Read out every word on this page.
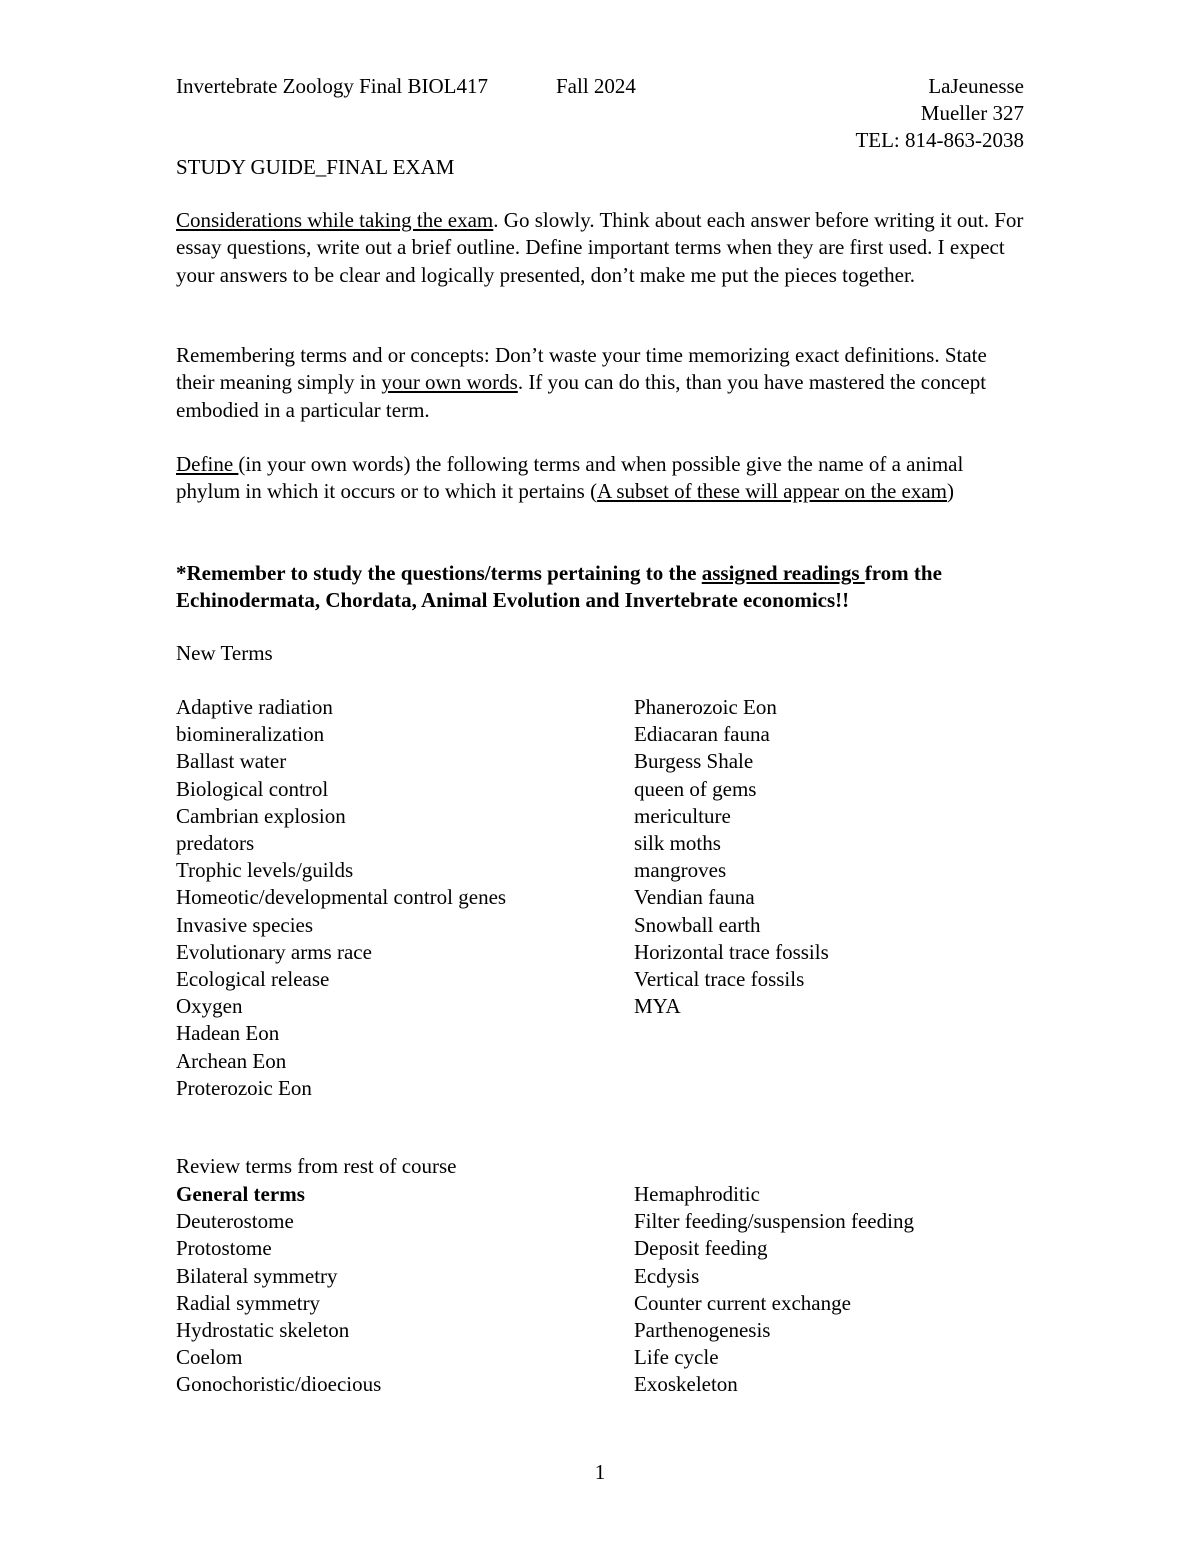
Invertebrate Zoology Final BIOL417	Fall 2024	LaJeunesse
Mueller 327
TEL: 814-863-2038
STUDY GUIDE_FINAL EXAM
Considerations while taking the exam. Go slowly. Think about each answer before writing it out. For essay questions, write out a brief outline. Define important terms when they are first used. I expect your answers to be clear and logically presented, don’t make me put the pieces together.
Remembering terms and or concepts: Don’t waste your time memorizing exact definitions. State their meaning simply in your own words. If you can do this, than you have mastered the concept embodied in a particular term.
Define (in your own words) the following terms and when possible give the name of a animal phylum in which it occurs or to which it pertains (A subset of these will appear on the exam)
*Remember to study the questions/terms pertaining to the assigned readings from the Echinodermata, Chordata, Animal Evolution and Invertebrate economics!!
New Terms
Adaptive radiation
biomineralization
Ballast water
Biological control
Cambrian explosion
predators
Trophic levels/guilds
Homeotic/developmental control genes
Invasive species
Evolutionary arms race
Ecological release
Oxygen
Hadean Eon
Archean Eon
Proterozoic Eon
Phanerozoic Eon
Ediacaran fauna
Burgess Shale
queen of gems
mericulture
silk moths
mangroves
Vendian fauna
Snowball earth
Horizontal trace fossils
Vertical trace fossils
MYA
Review terms from rest of course
General terms
Deuterostome
Protostome
Bilateral symmetry
Radial symmetry
Hydrostatic skeleton
Coelom
Gonochoristic/dioecious
Hemaphroditic
Filter feeding/suspension feeding
Deposit feeding
Ecdysis
Counter current exchange
Parthenogenesis
Life cycle
Exoskeleton
1
